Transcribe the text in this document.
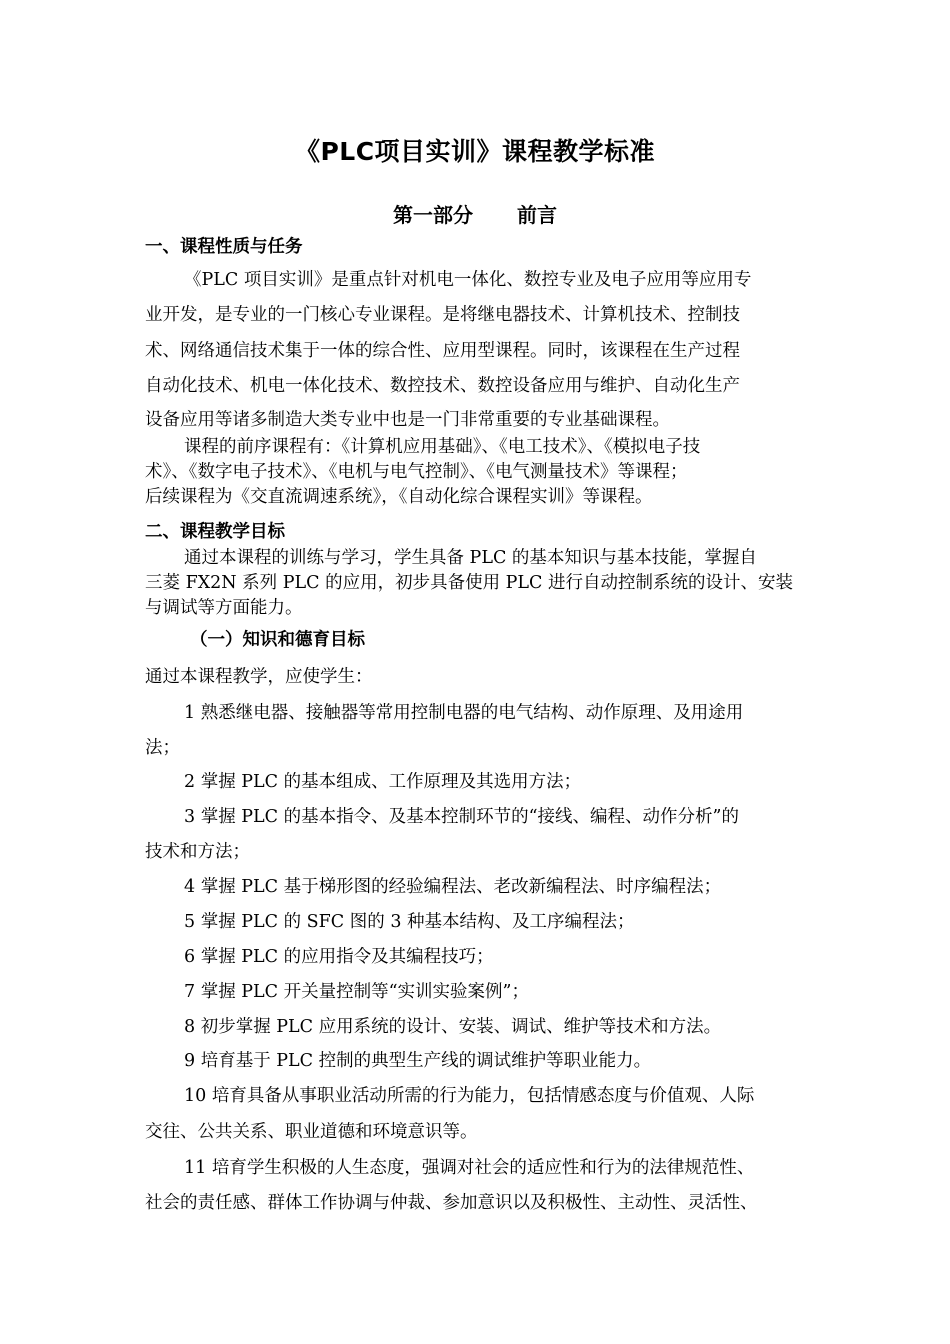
《PLC项目实训》课程教学标准
第一部分 前言
一、课程性质与任务
《PLC 项目实训》是重点针对机电一体化、数控专业及电子应用等应用专
业开发，是专业的一门核心专业课程。是将继电器技术、计算机技术、控制技
术、网络通信技术集于一体的综合性、应用型课程。同时，该课程在生产过程
自动化技术、机电一体化技术、数控技术、数控设备应用与维护、自动化生产
设备应用等诸多制造大类专业中也是一门非常重要的专业基础课程。
课程的前序课程有：《计算机应用基础》、《电工技术》、《模拟电子技
术》、《数字电子技术》、《电机与电气控制》、《电气测量技术》等课程；
后续课程为《交直流调速系统》，《自动化综合课程实训》等课程。
二、课程教学目标
通过本课程的训练与学习，学生具备 PLC 的基本知识与基本技能，掌握自
三菱 FX2N 系列 PLC 的应用，初步具备使用 PLC 进行自动控制系统的设计、安装
与调试等方面能力。
（一）知识和德育目标
通过本课程教学，应使学生：
1 熟悉继电器、接触器等常用控制电器的电气结构、动作原理、及用途用
法；
2 掌握 PLC 的基本组成、工作原理及其选用方法；
3 掌握 PLC 的基本指令、及基本控制环节的“接线、编程、动作分析”的
技术和方法；
4 掌握 PLC 基于梯形图的经验编程法、老改新编程法、时序编程法；
5 掌握 PLC 的 SFC 图的 3 种基本结构、及工序编程法；
6 掌握 PLC 的应用指令及其编程技巧；
7 掌握 PLC 开关量控制等“实训实验案例”；
8 初步掌握 PLC 应用系统的设计、安装、调试、维护等技术和方法。
9 培育基于 PLC 控制的典型生产线的调试维护等职业能力。
10 培育具备从事职业活动所需的行为能力，包括情感态度与价值观、人际
交往、公共关系、职业道德和环境意识等。
11 培育学生积极的人生态度，强调对社会的适应性和行为的法律规范性、
社会的责任感、群体工作协调与仲裁、参加意识以及积极性、主动性、灵活性、
